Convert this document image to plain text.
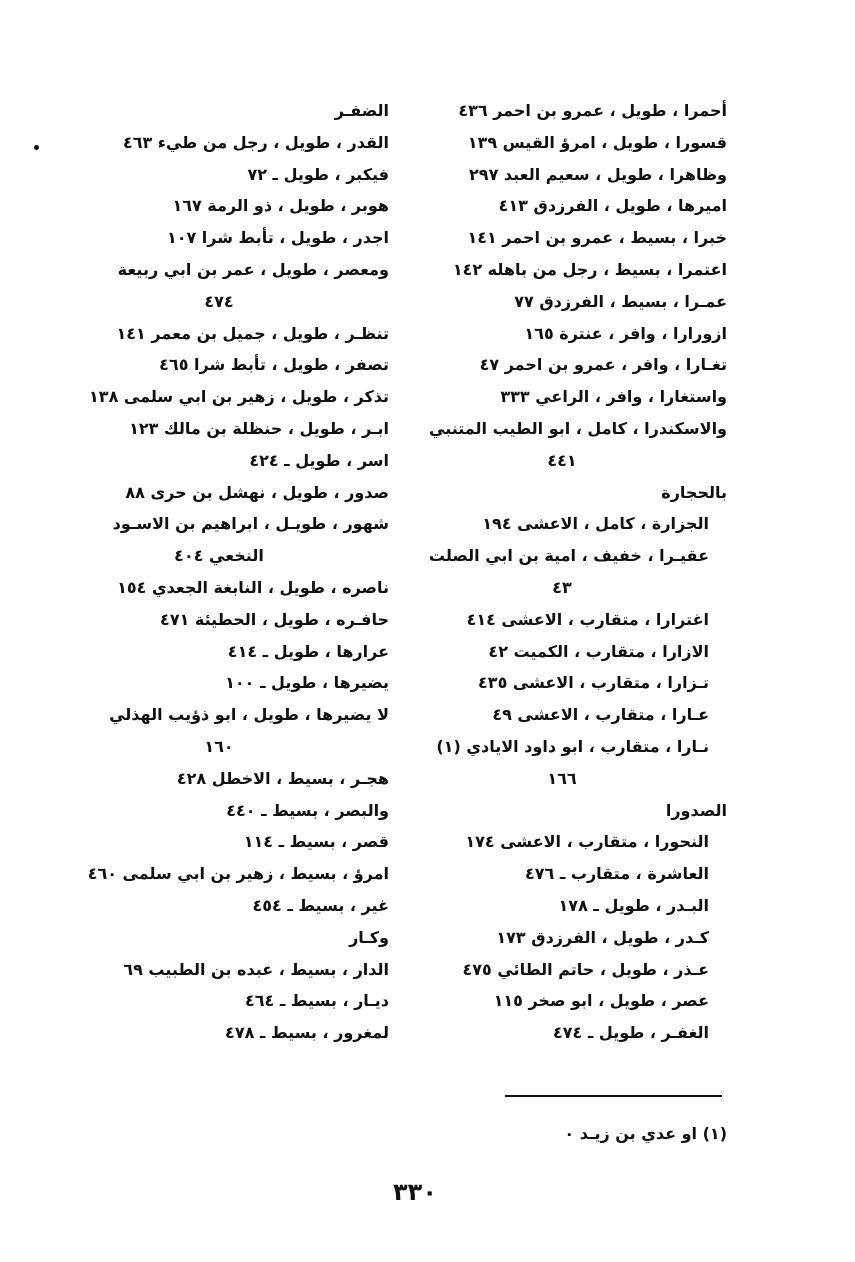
أحمرا ، طويل ، عمرو بن احمر ٤٣٦
قسورا ، طويل ، امرؤ القيس ١٣٩
وظاهرا ، طويل ، سعيم العبد ٢٩٧
اميرها ، طويل ، الفرزدق ٤١٣
خبرا ، بسيط ، عمرو بن احمر ١٤١
اعتمرا ، بسيط ، رجل من باهله ١٤٢
عمـرا ، بسيط ، الفرزدق ٧٧
ازورارا ، وافر ، عنترة ١٦٥
تغـارا ، وافر ، عمرو بن احمر ٤٧
واستغارا ، وافر ، الراعي ٣٣٣
والاسكندرا ، كامل ، ابو الطيب المتنبي
٤٤١
بالحجارة
الجزارة ، كامل ، الاعشى ١٩٤
عقيـرا ، خفيف ، امية بن ابي الصلت
٤٣
اغترارا ، متقارب ، الاعشى ٤١٤
الازارا ، متقارب ، الكميت ٤٢
تـزارا ، متقارب ، الاعشى ٤٣٥
عـارا ، متقارب ، الاعشى ٤٩
نـارا ، متقارب ، ابو داود الايادي (١)
١٦٦
الصدورا
النحورا ، متقارب ، الاعشى ١٧٤
العاشرة ، متقارب ـ ٤٧٦
البـدر ، طويل ـ ١٧٨
كـدر ، طويل ، الفرزدق ١٧٣
عـذر ، طويل ، حاتم الطائي ٤٧٥
عصر ، طويل ، ابو صخر ١١٥
الغفـر ، طويل ـ ٤٧٤
الضفـر
القدر ، طويل ، رجل من طيء ٤٦٣
فيكبر ، طويل ـ ٧٢
هوبر ، طويل ، ذو الرمة ١٦٧
اجدر ، طويل ، تأبط شرا ١٠٧
ومعصر ، طويل ، عمر بن ابي ربيعة
٤٧٤
تنظـر ، طويل ، جميل بن معمر ١٤١
تصفر ، طويل ، تأبط شرا ٤٦٥
تذكر ، طويل ، زهير بن ابي سلمى ١٣٨
ابـر ، طويل ، حنظلة بن مالك ١٢٣
اسر ، طويل ـ ٤٢٤
صدور ، طويل ، نهشل بن حرى ٨٨
شهور ، طويـل ، ابراهيم بن الاسـود
النخعي ٤٠٤
ناصره ، طويل ، النابغة الجعدي ١٥٤
حافـره ، طويل ، الحطيئة ٤٧١
عرارها ، طويل ـ ٤١٤
يضيرها ، طويل ـ ١٠٠
لا يضيرها ، طويل ، ابو ذؤيب الهذلي
١٦٠
هجـر ، بسيط ، الاخطل ٤٢٨
والبصر ، بسيط ـ ٤٤٠
قصر ، بسيط ـ ١١٤
امرؤ ، بسيط ، زهير بن ابي سلمى ٤٦٠
غير ، بسيط ـ ٤٥٤
وكـار
الدار ، بسيط ، عبده بن الطبيب ٦٩
ديـار ، بسيط ـ ٤٦٤
لمغرور ، بسيط ـ ٤٧٨
(١) او عدي بن زيـد ٠
٣٣٠
